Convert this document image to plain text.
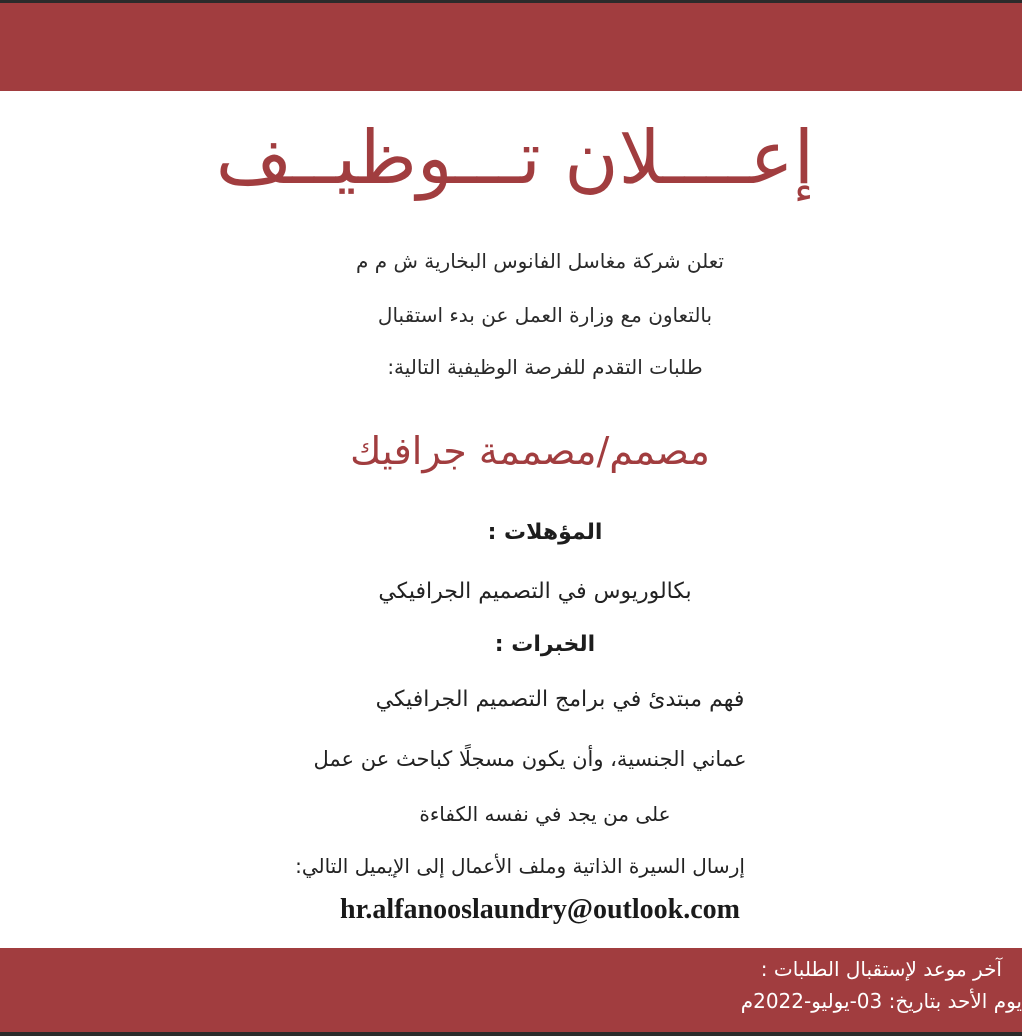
إعــــلان تـــوظيــف
تعلن شركة مغاسل الفانوس البخارية ش م م
بالتعاون مع وزارة العمل عن بدء استقبال
طلبات التقدم للفرصة الوظيفية التالية:
مصمم/مصممة جرافيك
المؤهلات :
بكالوريوس في التصميم الجرافيكي
الخبرات :
فهم مبتدئ في برامج التصميم الجرافيكي
عماني الجنسية، وأن يكون مسجلًا كباحث عن عمل
على من يجد في نفسه الكفاءة
إرسال السيرة الذاتية وملف الأعمال إلى الإيميل التالي:
hr.alfanooslaundry@outlook.com
آخر موعد لإستقبال الطلبات :
يوم الأحد بتاريخ: 03-يوليو-2022م
